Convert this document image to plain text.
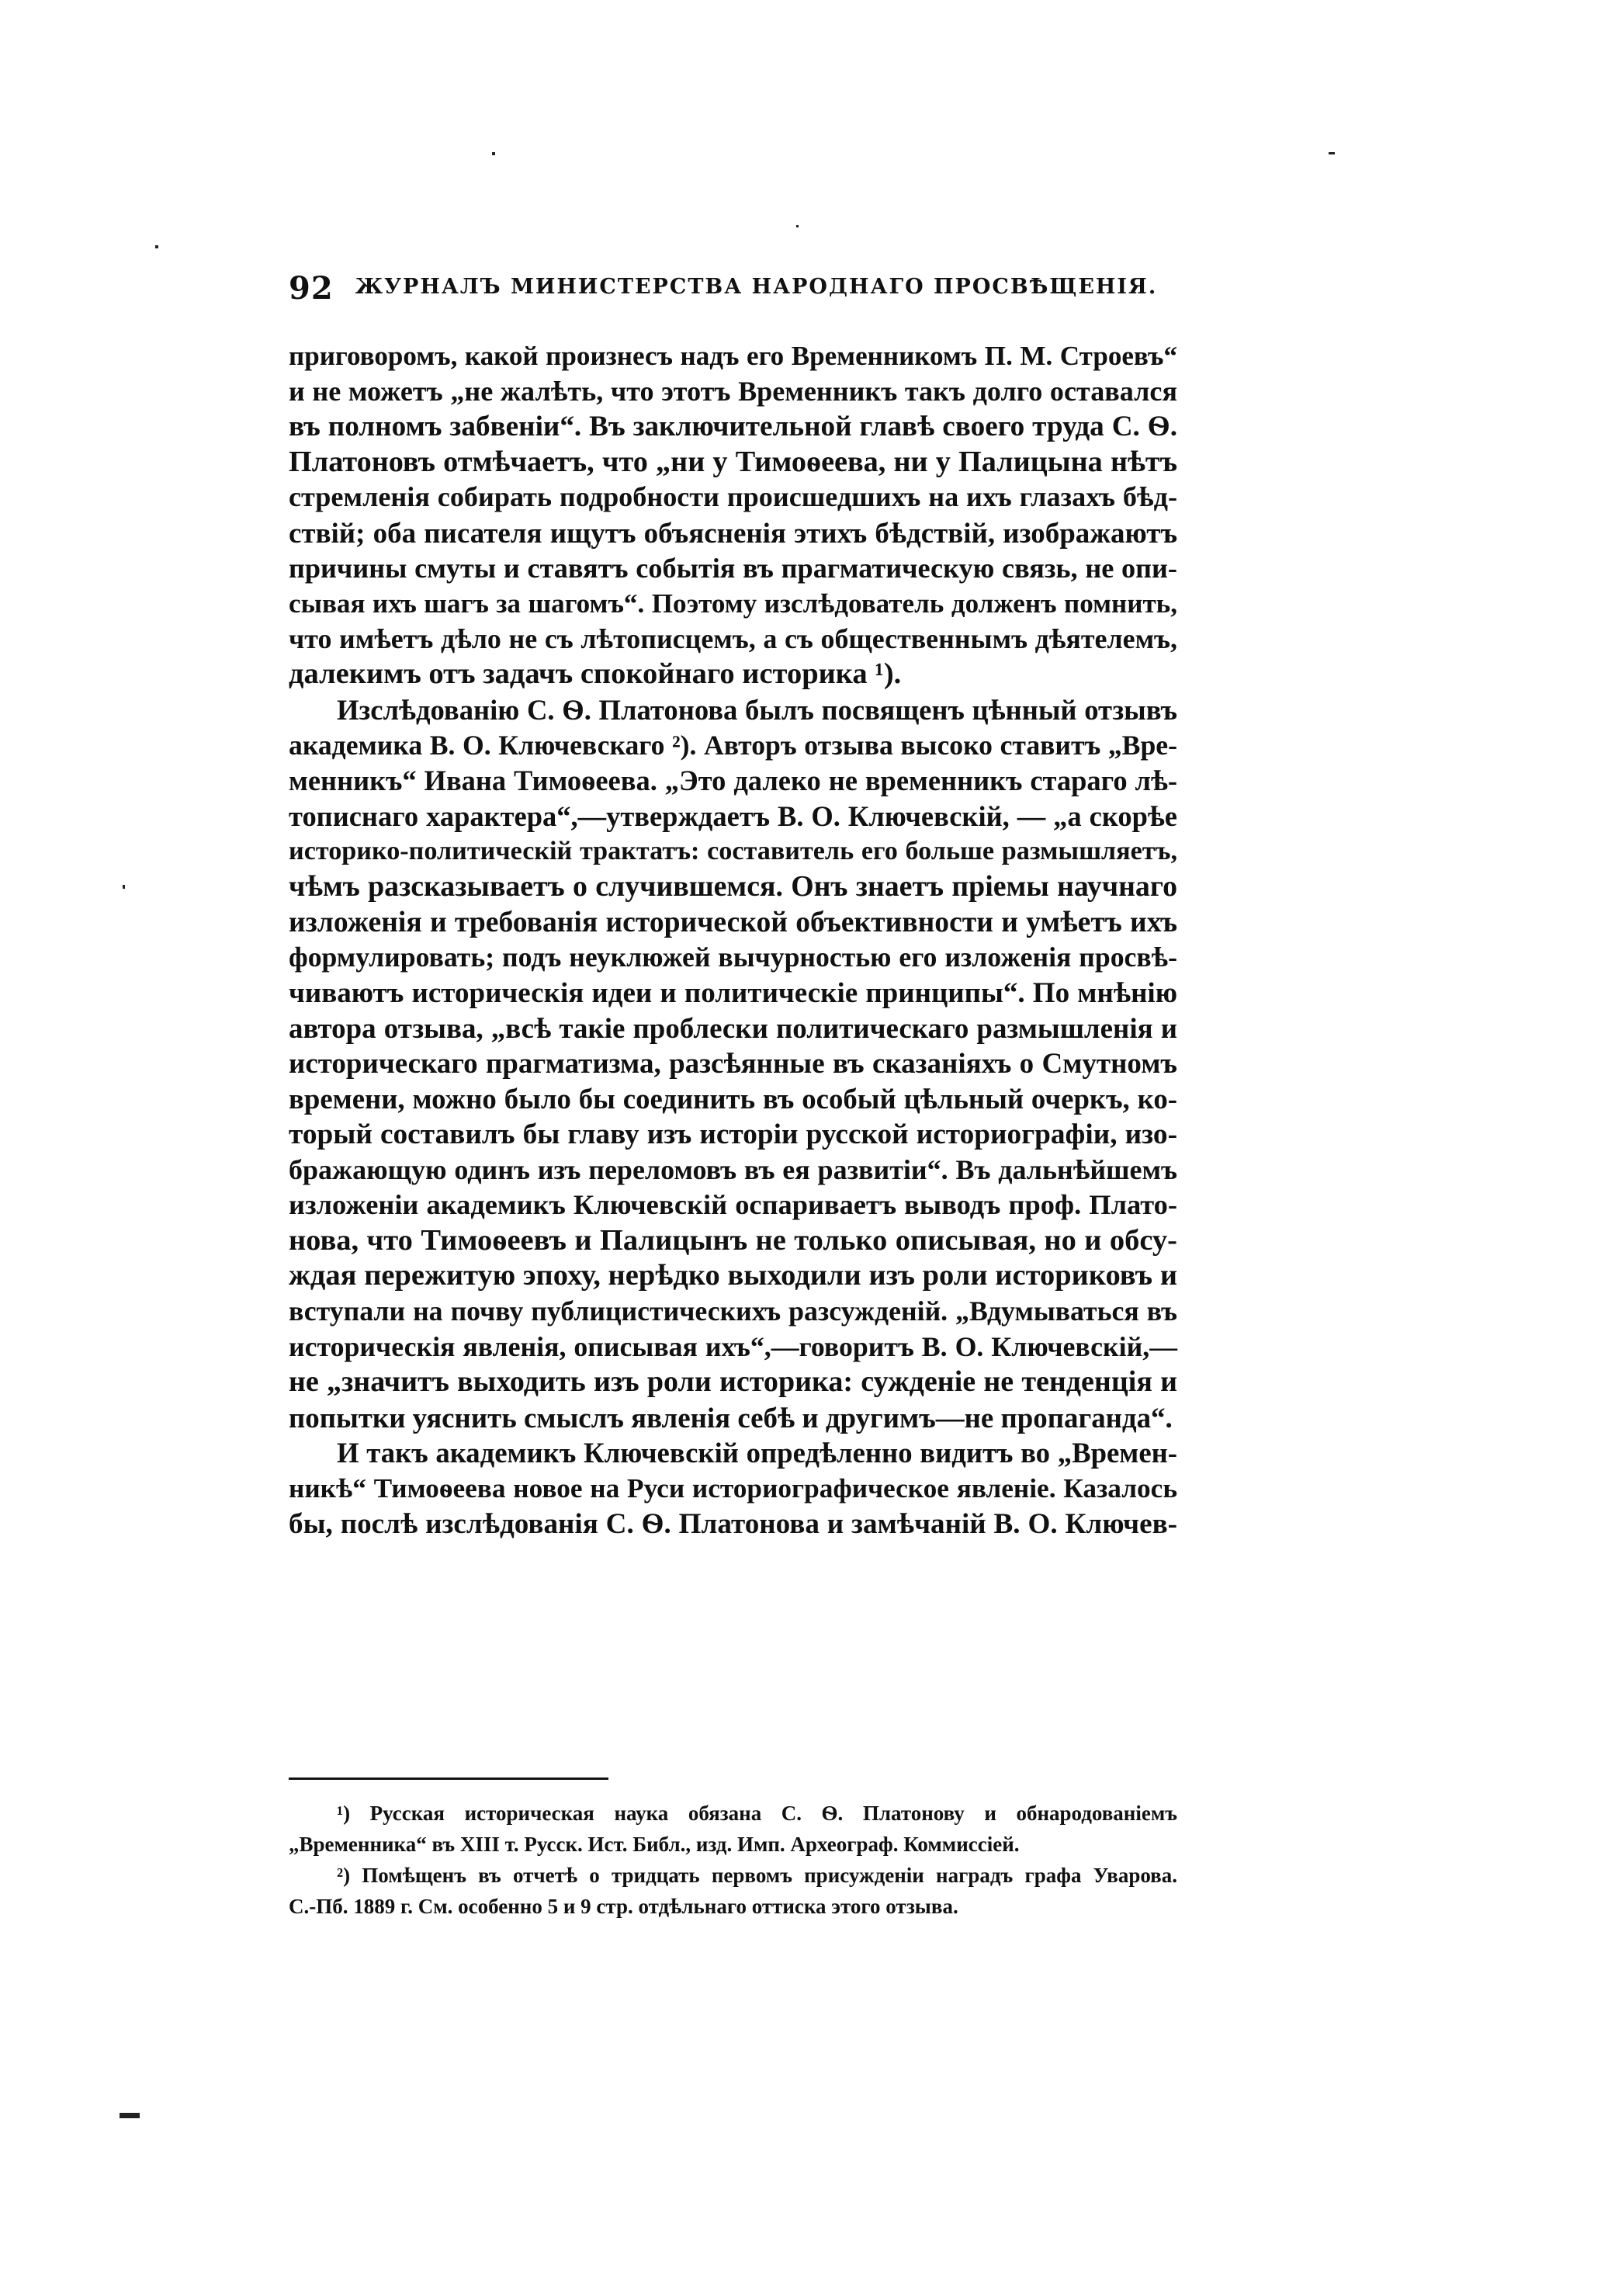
92	ЖУРНАЛЪ МИНИСТЕРСТВА НАРОДНАГО ПРОСВѢЩЕНІЯ.
приговоромъ, какой произнесъ надъ его Временникомъ П. М. Строевъ“
и не можетъ „не жалѣть, что этотъ Временникъ такъ долго оставался
въ полномъ забвеніи“. Въ заключительной главѣ своего труда С. Ѳ.
Платоновъ отмѣчаетъ, что „ни у Тимоѳеева, ни у Палицына нѣтъ
стремленія собирать подробности происшедшихъ на ихъ глазахъ бѣд-
ствій; оба писателя ищутъ объясненія этихъ бѣдствій, изображаютъ
причины смуты и ставятъ событія въ прагматическую связь, не опи-
сывая ихъ шагъ за шагомъ“. Поэтому изслѣдователь долженъ помнить,
что имѣетъ дѣло не съ лѣтописцемъ, а съ общественнымъ дѣятелемъ,
далекимъ отъ задачъ спокойнаго историка ¹).
Изслѣдованію С. Ѳ. Платонова былъ посвященъ цѣнный отзывъ
академика В. О. Ключевскаго ²). Авторъ отзыва высоко ставитъ „Вре-
менникъ“ Ивана Тимоѳеева. „Это далеко не временникъ стараго лѣ-
тописнаго характера“,—утверждаетъ В. О. Ключевскій, — „а скорѣе
историко-политическій трактатъ: составитель его больше размышляетъ,
чѣмъ разсказываетъ о случившемся. Онъ знаетъ пріемы научнаго
изложенія и требованія исторической объективности и умѣетъ ихъ
формулировать; подъ неуклюжей вычурностью его изложенія просвѣ-
чиваютъ историческія идеи и политическіе принципы“. По мнѣнію
автора отзыва, „всѣ такіе проблески политическаго размышленія и
историческаго прагматизма, разсѣянные въ сказаніяхъ о Смутномъ
времени, можно было бы соединить въ особый цѣльный очеркъ, ко-
торый составилъ бы главу изъ исторіи русской историографіи, изо-
бражающую одинъ изъ переломовъ въ ея развитіи“. Въ дальнѣйшемъ
изложеніи академикъ Ключевскій оспариваетъ выводъ проф. Плато-
нова, что Тимоѳеевъ и Палицынъ не только описывая, но и обсу-
ждая пережитую эпоху, нерѣдко выходили изъ роли историковъ и
вступали на почву публицистическихъ разсужденій. „Вдумываться въ
историческія явленія, описывая ихъ“,—говоритъ В. О. Ключевскій,—
не „значитъ выходить изъ роли историка: сужденіе не тенденція и
попытки уяснить смыслъ явленія себѣ и другимъ—не пропаганда“.
И такъ академикъ Ключевскій опредѣленно видитъ во „Времен-
никѣ“ Тимоѳеева новое на Руси историографическое явленіе. Казалось
бы, послѣ изслѣдованія С. Ѳ. Платонова и замѣчаній В. О. Ключев-
¹) Русская историческая наука обязана С. Ѳ. Платонову и обнародованіемъ
„Временника“ въ XIII т. Русск. Ист. Библ., изд. Имп. Археограф. Коммиссіей.
²) Помѣщенъ въ отчетѣ о тридцать первомъ присужденіи наградъ графа Уварова.
С.-Пб. 1889 г. См. особенно 5 и 9 стр. отдѣльнаго оттиска этого отзыва.
